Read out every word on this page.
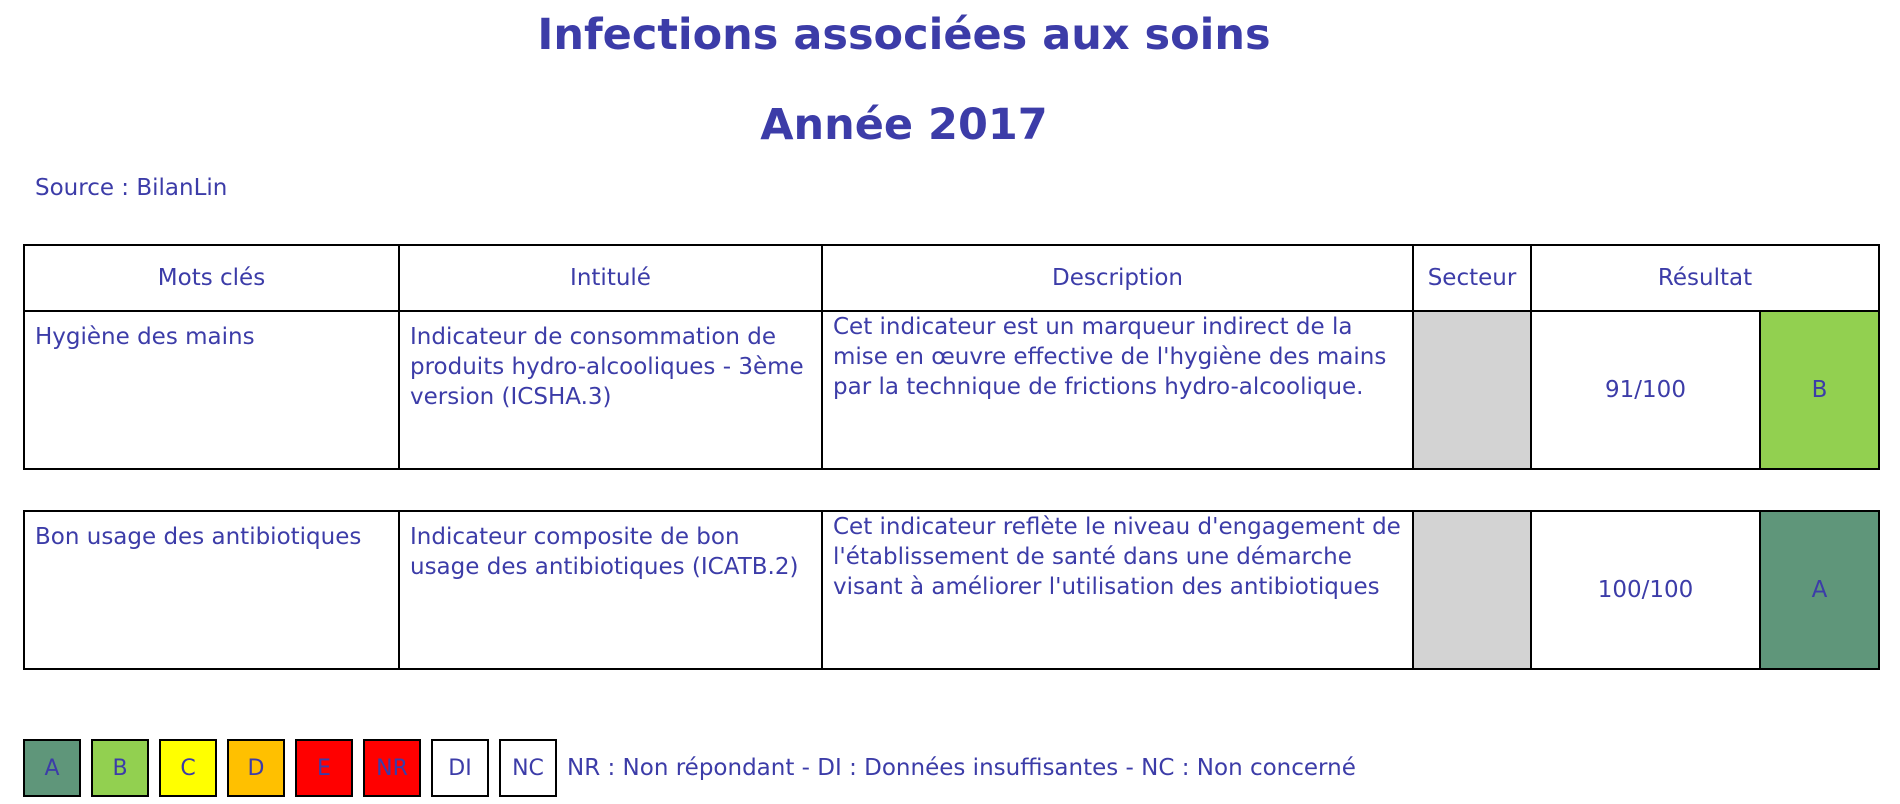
Infections associées aux soins
Année 2017
Source : BilanLin
Mots clés	Intitulé	Description	Secteur	Résultat	
Hygiène des mains	Indicateur de consommation de produits hydro-alcooliques - 3ème version (ICSHA.3)	Cet indicateur est un marqueur indirect de la mise en œuvre effective de l'hygiène des mains par la technique de frictions hydro-alcoolique.		91/100	B
Bon usage des antibiotiques	Indicateur composite de bon usage des antibiotiques (ICATB.2)	Cet indicateur reflète le niveau d'engagement de l'établissement de santé dans une démarche visant à améliorer l'utilisation des antibiotiques		100/100	A
A	B	C	D	E	NR	DI	NC	NR : Non répondant - DI : Données insuffisantes - NC : Non concerné
